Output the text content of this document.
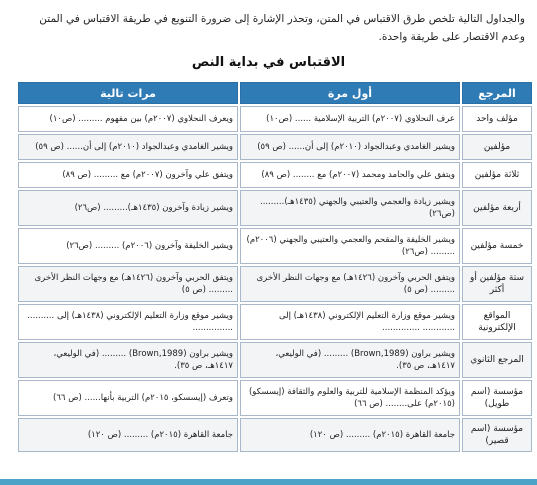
والجداول التالية تلخص طرق الاقتباس في المتن، وتحذر الإشارة إلى ضرورة التنويع في طريقة الاقتباس في المتن
وعدم الاقتصار على طريقة واحدة.
الاقتباس في بداية النص
المرجع	أول مرة	مرات تالية
مؤلف واحد	عرف النحلاوي (٢٠٠٧م) التربية الإسلامية ...... (ص١٠)	ويعرف النحلاوي (٢٠٠٧م) بين مفهوم ......... (ص١٠)
مؤلفين	ويشير الغامدي وعبدالجواد (٢٠١٠م) إلى أن...... (ص ٥٩)	ويشير الغامدي وعبدالجواد (٢٠١٠م) إلى أن...... (ص ٥٩)
ثلاثة مؤلفين	ويتفق علي والحامد ومحمد (٢٠٠٧م) مع ........ (ص ٨٩)	ويتفق علي وآخرون (٢٠٠٧م) مع ......... (ص ٨٩)
أربعة مؤلفين	ويشير زيادة والعجمي والعتيبي والجهني (١٤٣٥هـ)......... (ص٢٦)	ويشير زيادة وآخرون (١٤٣٥هـ)......... (ص٢٦)
خمسة مؤلفين	ويشير الخليفة والمقحم والعجمي والعتيبي والجهني (٢٠٠٦م) ......... (ص٢٦)	ويشير الخليفة وآخرون (٢٠٠٦م) ......... (ص٢٦)
ستة مؤلفين أو أكثر	ويتفق الحربي وآخرون (١٤٢٦هـ) مع وجهات النظر الأخرى ......... (ص ٥)	ويتفق الحربي وآخرون (١٤٢٦هـ) مع وجهات النظر الأخرى ......... (ص ٥)
المواقع الإلكترونية	ويشير موقع وزارة التعليم الإلكتروني (١٤٣٨هـ) إلى ............ ..............	ويشير موقع وزارة التعليم الإلكتروني (١٤٣٨هـ) إلى .......... ...............
المرجع الثانوي	ويشير براون (Brown,1989) ......... (في الوليعي، ١٤١٧هـ، ص ٣٥).	ويشير براون (Brown,1989) ......... (في الوليعي، ١٤١٧هـ، ص ٣٥).
مؤسسة (اسم طويل)	ويؤكد المنظمة الإسلامية للتربية والعلوم والثقافة (إيسسكو) (٢٠١٥م) على........ (ص ٦٦)	وتعرف (إيسسكو، ٢٠١٥م) التربية بأنها...... (ص ٦٦)
مؤسسة (اسم قصير)	جامعة القاهرة (٢٠١٥م) ......... (ص ١٢٠)	جامعة القاهرة (٢٠١٥م) ......... (ص ١٢٠)
